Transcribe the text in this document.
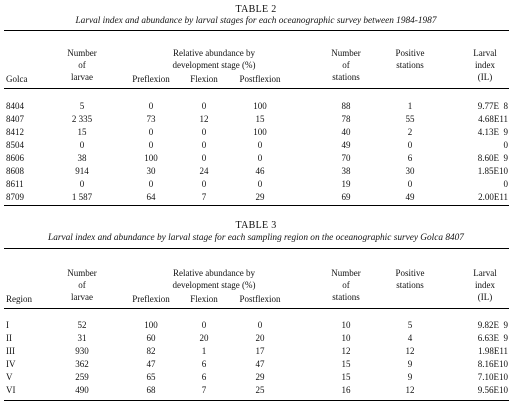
TABLE 2
Larval index and abundance by larval stages for each oceanographic survey between 1984-1987
Number
of
larvae
Relative abundance by
development stage (%)
Golca	Preflexion Flexion Postflexion
Number
of
stations
Positive
stations
Larval
index
(IL)
8404	5	0	0	100	88	1	9.77E  8
8407	2 335	73	12	15	78	55	4.68E11
8412	15	0	0	100	40	2	4.13E  9
8504	0	0	0	0	49	0	0
8606	38	100	0	0	70	6	8.60E  9
8608	914	30	24	46	38	30	1.85E10
8611	0	0	0	0	19	0	0
8709	1 587	64	7	29	69	49	2.00E11
TABLE 3
Larval index and abundance by larval stage for each sampling region on the oceanographic survey Golca 8407
Number
of
larvae
Relative abundance by
development stage (%)
Region	Preflexion Flexion Postflexion
Number
of
stations
Positive
stations
Larval
index
(IL)
I	52	100	0	0	10	5	9.82E  9
II	31	60	20	20	10	4	6.63E  9
III	930	82	1	17	12	12	1.98E11
IV	362	47	6	47	15	9	8.16E10
V	259	65	6	29	15	9	7.10E10
VI	490	68	7	25	16	12	9.56E10
